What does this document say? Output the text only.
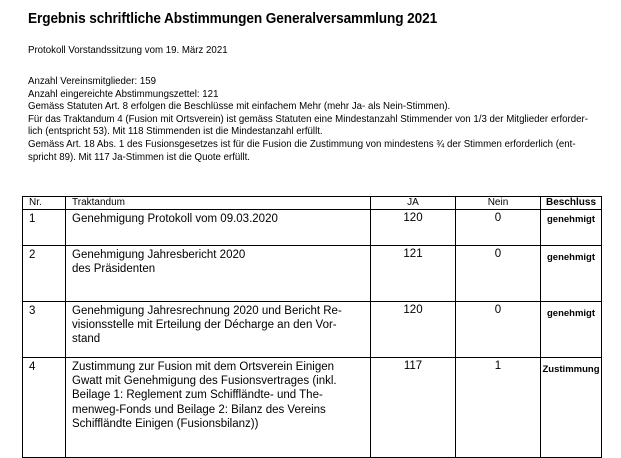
Ergebnis schriftliche Abstimmungen Generalversammlung 2021
Protokoll Vorstandssitzung vom 19. März 2021
Anzahl Vereinsmitglieder: 159
Anzahl eingereichte Abstimmungszettel: 121
Gemäss Statuten Art. 8 erfolgen die Beschlüsse mit einfachem Mehr (mehr Ja- als Nein-Stimmen).
Für das Traktandum 4 (Fusion mit Ortsverein) ist gemäss Statuten eine Mindestanzahl Stimmender von 1/3 der Mitglieder erforder-
lich (entspricht 53). Mit 118 Stimmenden ist die Mindestanzahl erfüllt.
Gemäss Art. 18 Abs. 1 des Fusionsgesetzes ist für die Fusion die Zustimmung von mindestens ¾ der Stimmen erforderlich (ent-
spricht 89). Mit 117 Ja-Stimmen ist die Quote erfüllt.
Nr.	Traktandum	JA	Nein	Beschluss
1	Genehmigung Protokoll vom 09.03.2020	120	0	genehmigt
2	Genehmigung Jahresbericht 2020
des Präsidenten	121	0	genehmigt
3	Genehmigung Jahresrechnung 2020 und Bericht Re-
visionsstelle mit Erteilung der Décharge an den Vor-
stand	120	0	genehmigt
4	Zustimmung zur Fusion mit dem Ortsverein Einigen
Gwatt mit Genehmigung des Fusionsvertrages (inkl.
Beilage 1: Reglement zum Schiffländte- und The-
menweg-Fonds und Beilage 2: Bilanz des Vereins
Schiffländte Einigen (Fusionsbilanz))	117	1	Zustimmung
